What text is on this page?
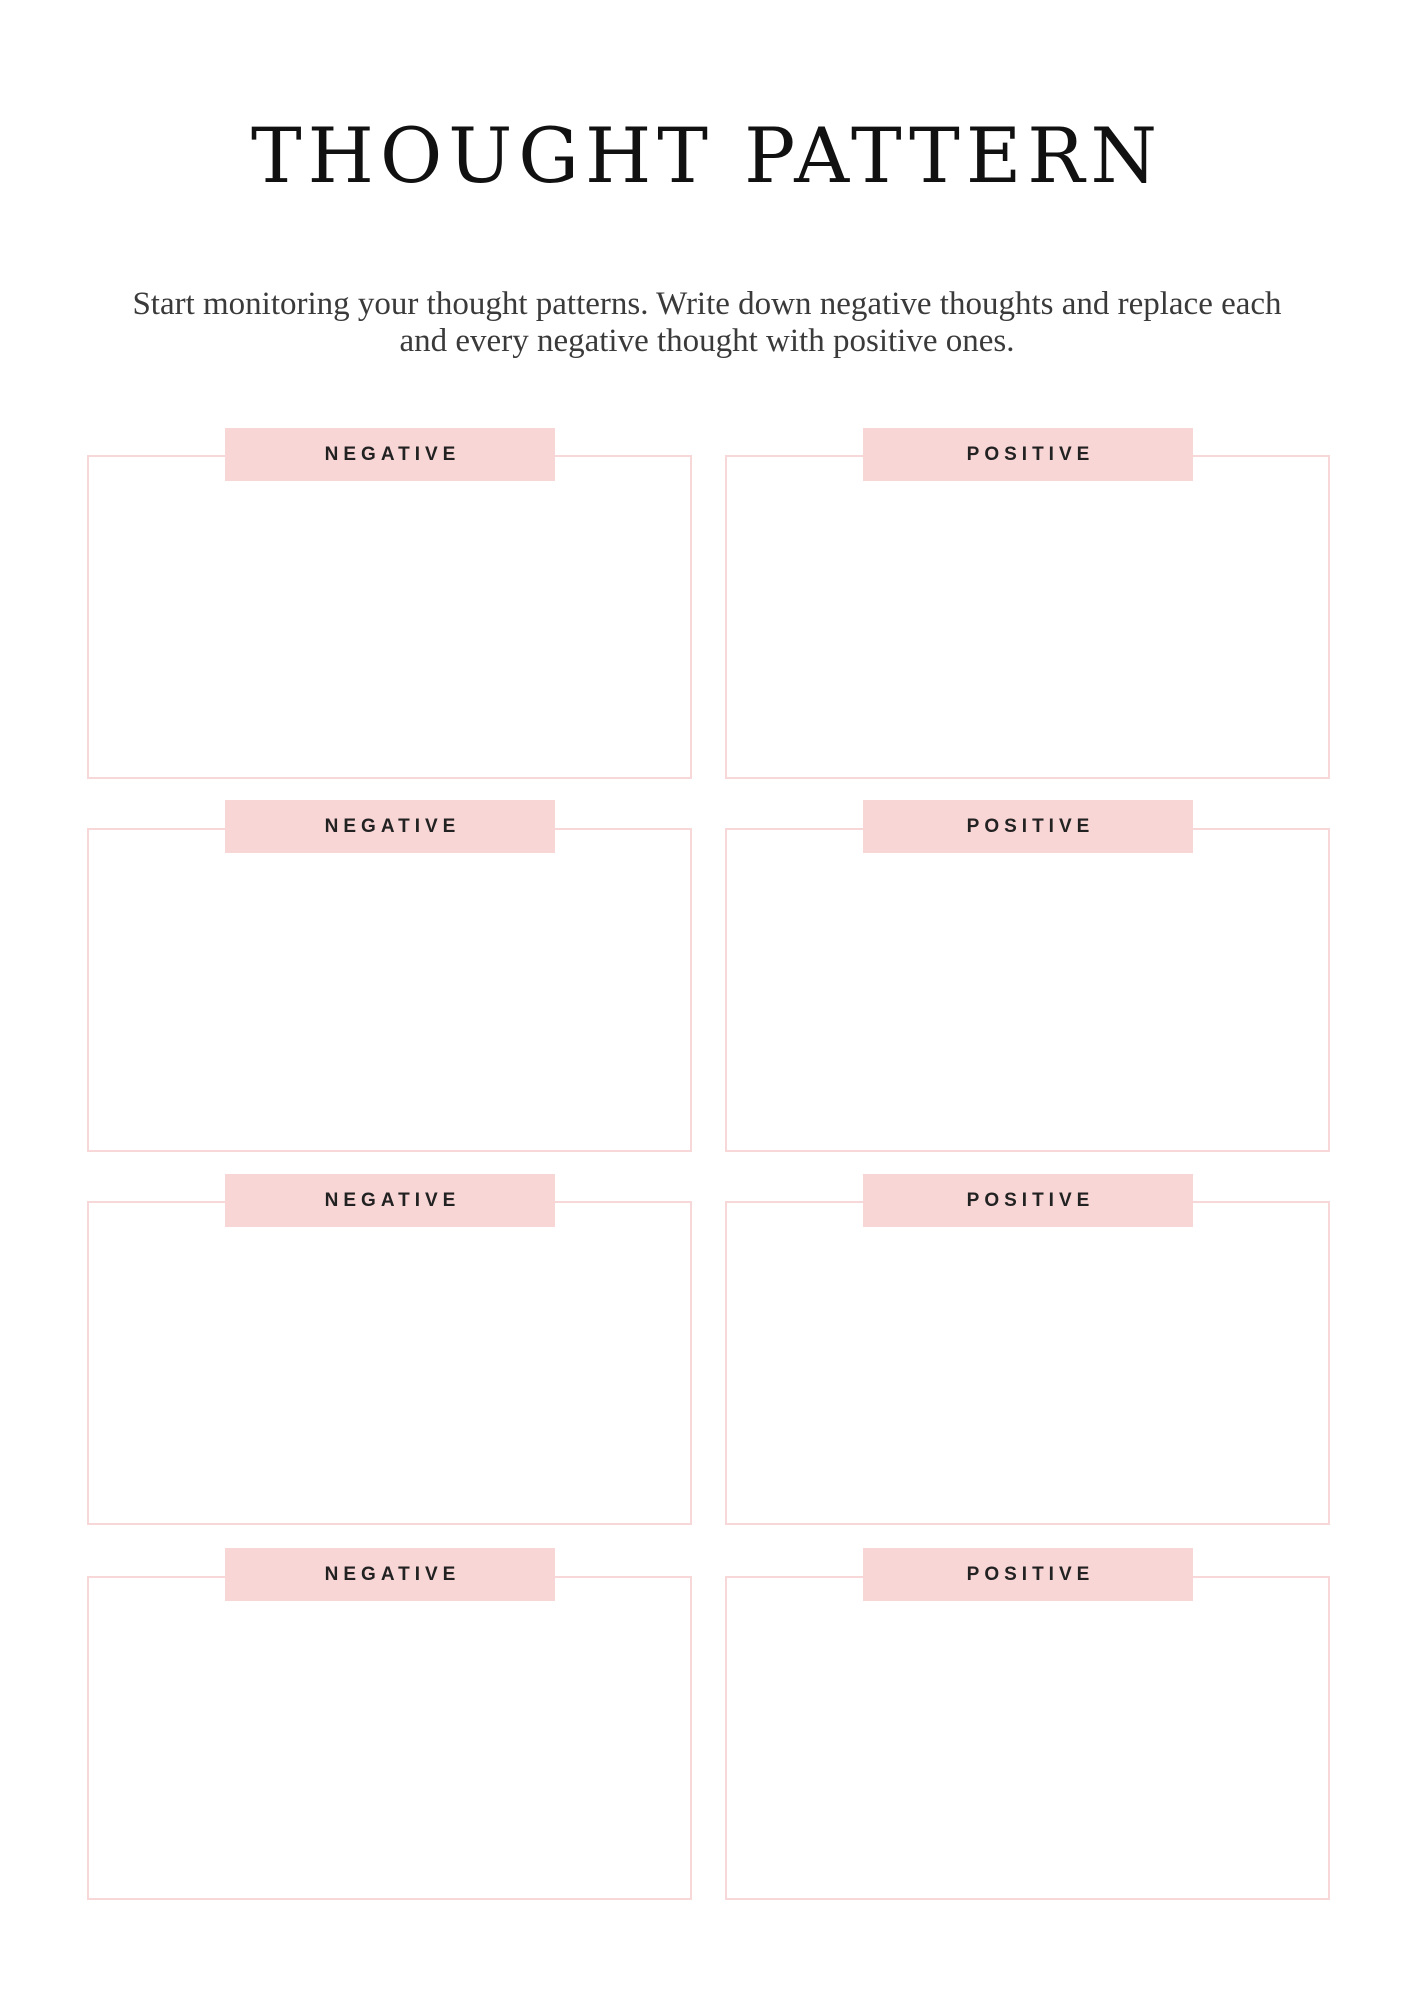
THOUGHT PATTERN

Start monitoring your thought patterns. Write down negative thoughts and replace each and every negative thought with positive ones.

NEGATIVE	POSITIVE
NEGATIVE	POSITIVE
NEGATIVE	POSITIVE
NEGATIVE	POSITIVE
